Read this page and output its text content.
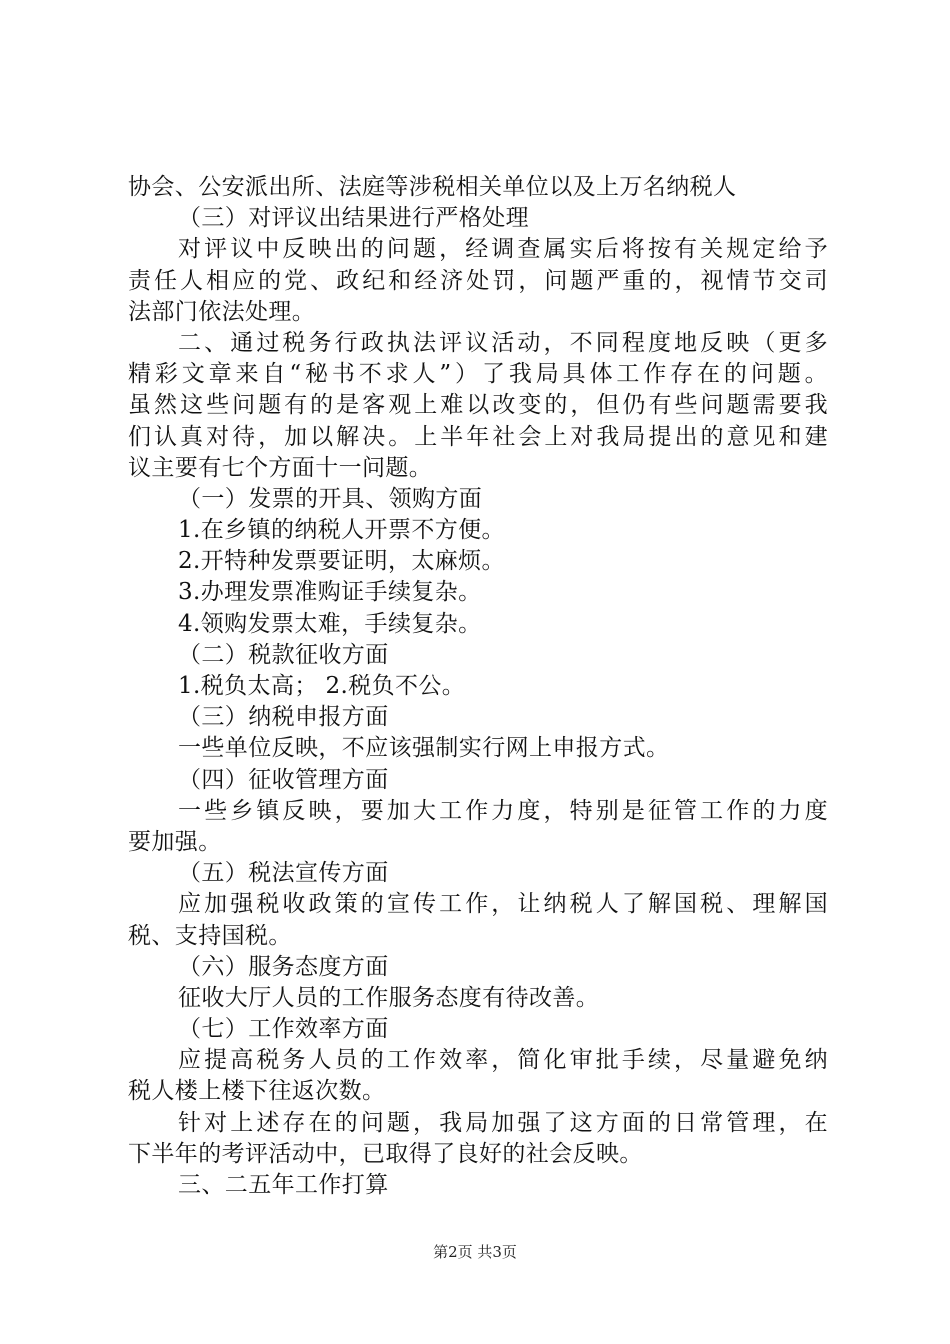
协会、公安派出所、法庭等涉税相关单位以及上万名纳税人
（三）对评议出结果进行严格处理
对评议中反映出的问题，经调查属实后将按有关规定给予
责任人相应的党、政纪和经济处罚，问题严重的，视情节交司
法部门依法处理。
二、通过税务行政执法评议活动，不同程度地反映（更多
精彩文章来自“秘书不求人”）了我局具体工作存在的问题。
虽然这些问题有的是客观上难以改变的，但仍有些问题需要我
们认真对待，加以解决。上半年社会上对我局提出的意见和建
议主要有七个方面十一问题。
（一）发票的开具、领购方面
1.在乡镇的纳税人开票不方便。
2.开特种发票要证明，太麻烦。
3.办理发票准购证手续复杂。
4.领购发票太难，手续复杂。
（二）税款征收方面
1.税负太高； 2.税负不公。
（三）纳税申报方面
一些单位反映，不应该强制实行网上申报方式。
（四）征收管理方面
一些乡镇反映，要加大工作力度，特别是征管工作的力度
要加强。
（五）税法宣传方面
应加强税收政策的宣传工作，让纳税人了解国税、理解国
税、支持国税。
（六）服务态度方面
征收大厅人员的工作服务态度有待改善。
（七）工作效率方面
应提高税务人员的工作效率，简化审批手续，尽量避免纳
税人楼上楼下往返次数。
针对上述存在的问题，我局加强了这方面的日常管理，在
下半年的考评活动中，已取得了良好的社会反映。
三、二五年工作打算
第2页 共3页
